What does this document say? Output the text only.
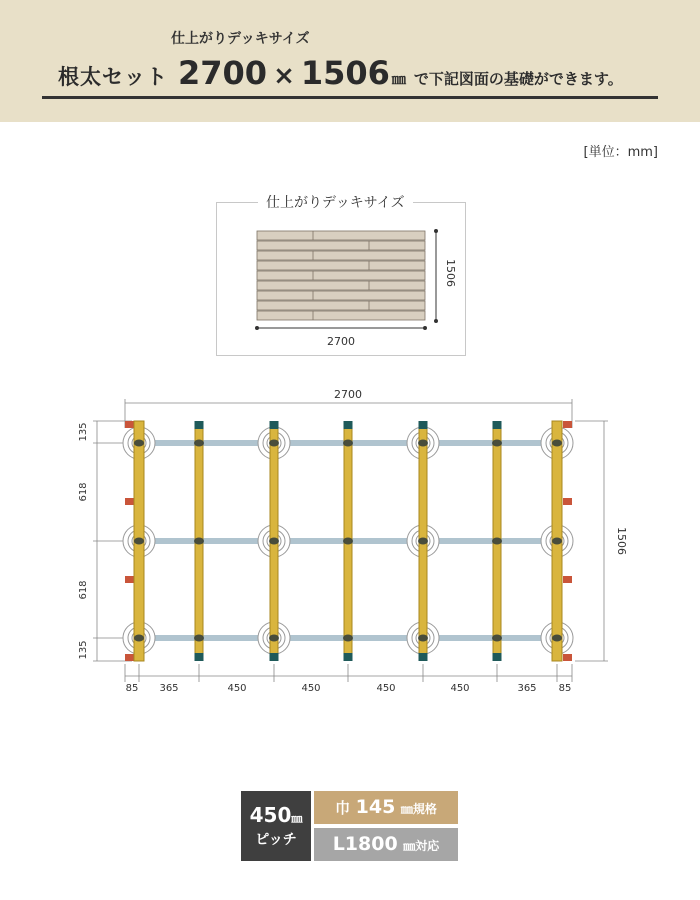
仕上がりデッキサイズ
根太セット 2700 × 1506 ㎜ で下記図面の基礎ができます。
[単位：mm]
仕上がりデッキサイズ
2700
1506
2700
1506
135
618
618
135
85 365	450	450	450	450	365 85
450㎜
ピッチ
巾 145 ㎜規格
L1800 ㎜対応
